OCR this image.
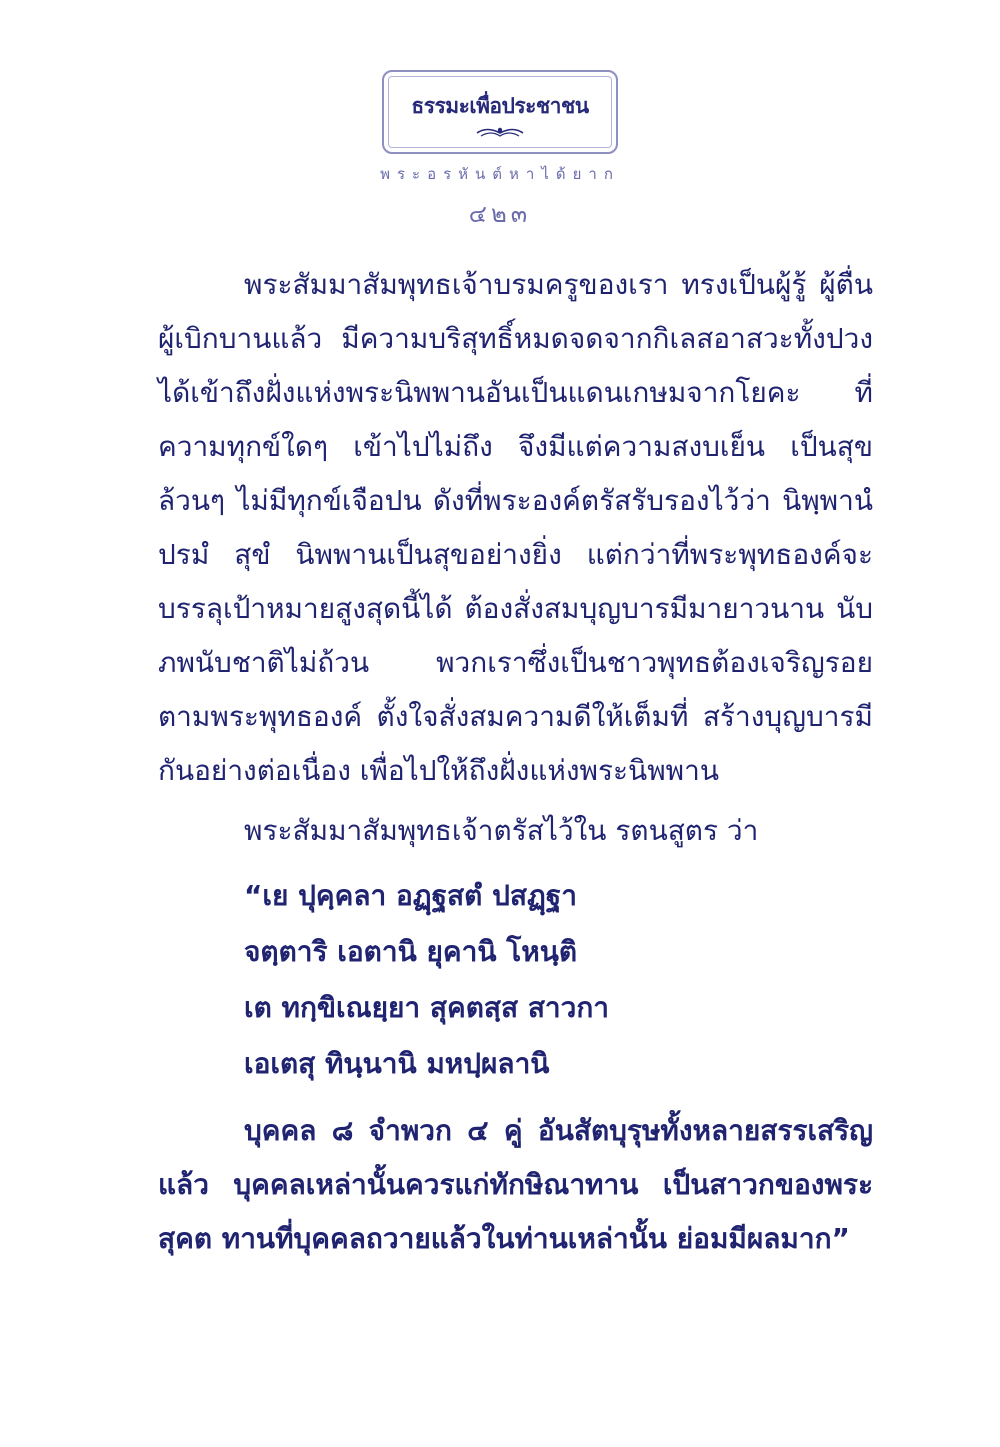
ธรรมะเพื่อประชาชน
พระอรหันต์หาได้ยาก
๔๒๓

พระสัมมาสัมพุทธเจ้าบรมครูของเรา ทรงเป็นผู้รู้ ผู้ตื่น ผู้เบิกบานแล้ว มีความบริสุทธิ์หมดจดจากกิเลสอาสวะทั้งปวง ได้เข้าถึงฝั่งแห่งพระนิพพานอันเป็นแดนเกษมจากโยคะ ที่ความทุกข์ใดๆ เข้าไปไม่ถึง จึงมีแต่ความสงบเย็น เป็นสุขล้วนๆ ไม่มีทุกข์เจือปน ดังที่พระองค์ตรัสรับรองไว้ว่า นิพฺพานํ ปรมํ สุขํ นิพพานเป็นสุขอย่างยิ่ง แต่กว่าที่พระพุทธองค์จะบรรลุเป้าหมายสูงสุดนี้ได้ ต้องสั่งสมบุญบารมีมายาวนาน นับภพนับชาติไม่ถ้วน พวกเราซึ่งเป็นชาวพุทธต้องเจริญรอยตามพระพุทธองค์ ตั้งใจสั่งสมความดีให้เต็มที่ สร้างบุญบารมีกันอย่างต่อเนื่อง เพื่อไปให้ถึงฝั่งแห่งพระนิพพาน

พระสัมมาสัมพุทธเจ้าตรัสไว้ใน รตนสูตร ว่า

“เย ปุคฺคลา อฏฺฐสตํ ปสฏฺฐา
จตฺตาริ เอตานิ ยุคานิ โหนฺติ
เต ทกฺขิเณยฺยา สุคตสฺส สาวกา
เอเตสุ ทินฺนานิ มหปฺผลานิ

บุคคล ๘ จำพวก ๔ คู่ อันสัตบุรุษทั้งหลายสรรเสริญแล้ว บุคคลเหล่านั้นควรแก่ทักษิณาทาน เป็นสาวกของพระสุคต ทานที่บุคคลถวายแล้วในท่านเหล่านั้น ย่อมมีผลมาก”
